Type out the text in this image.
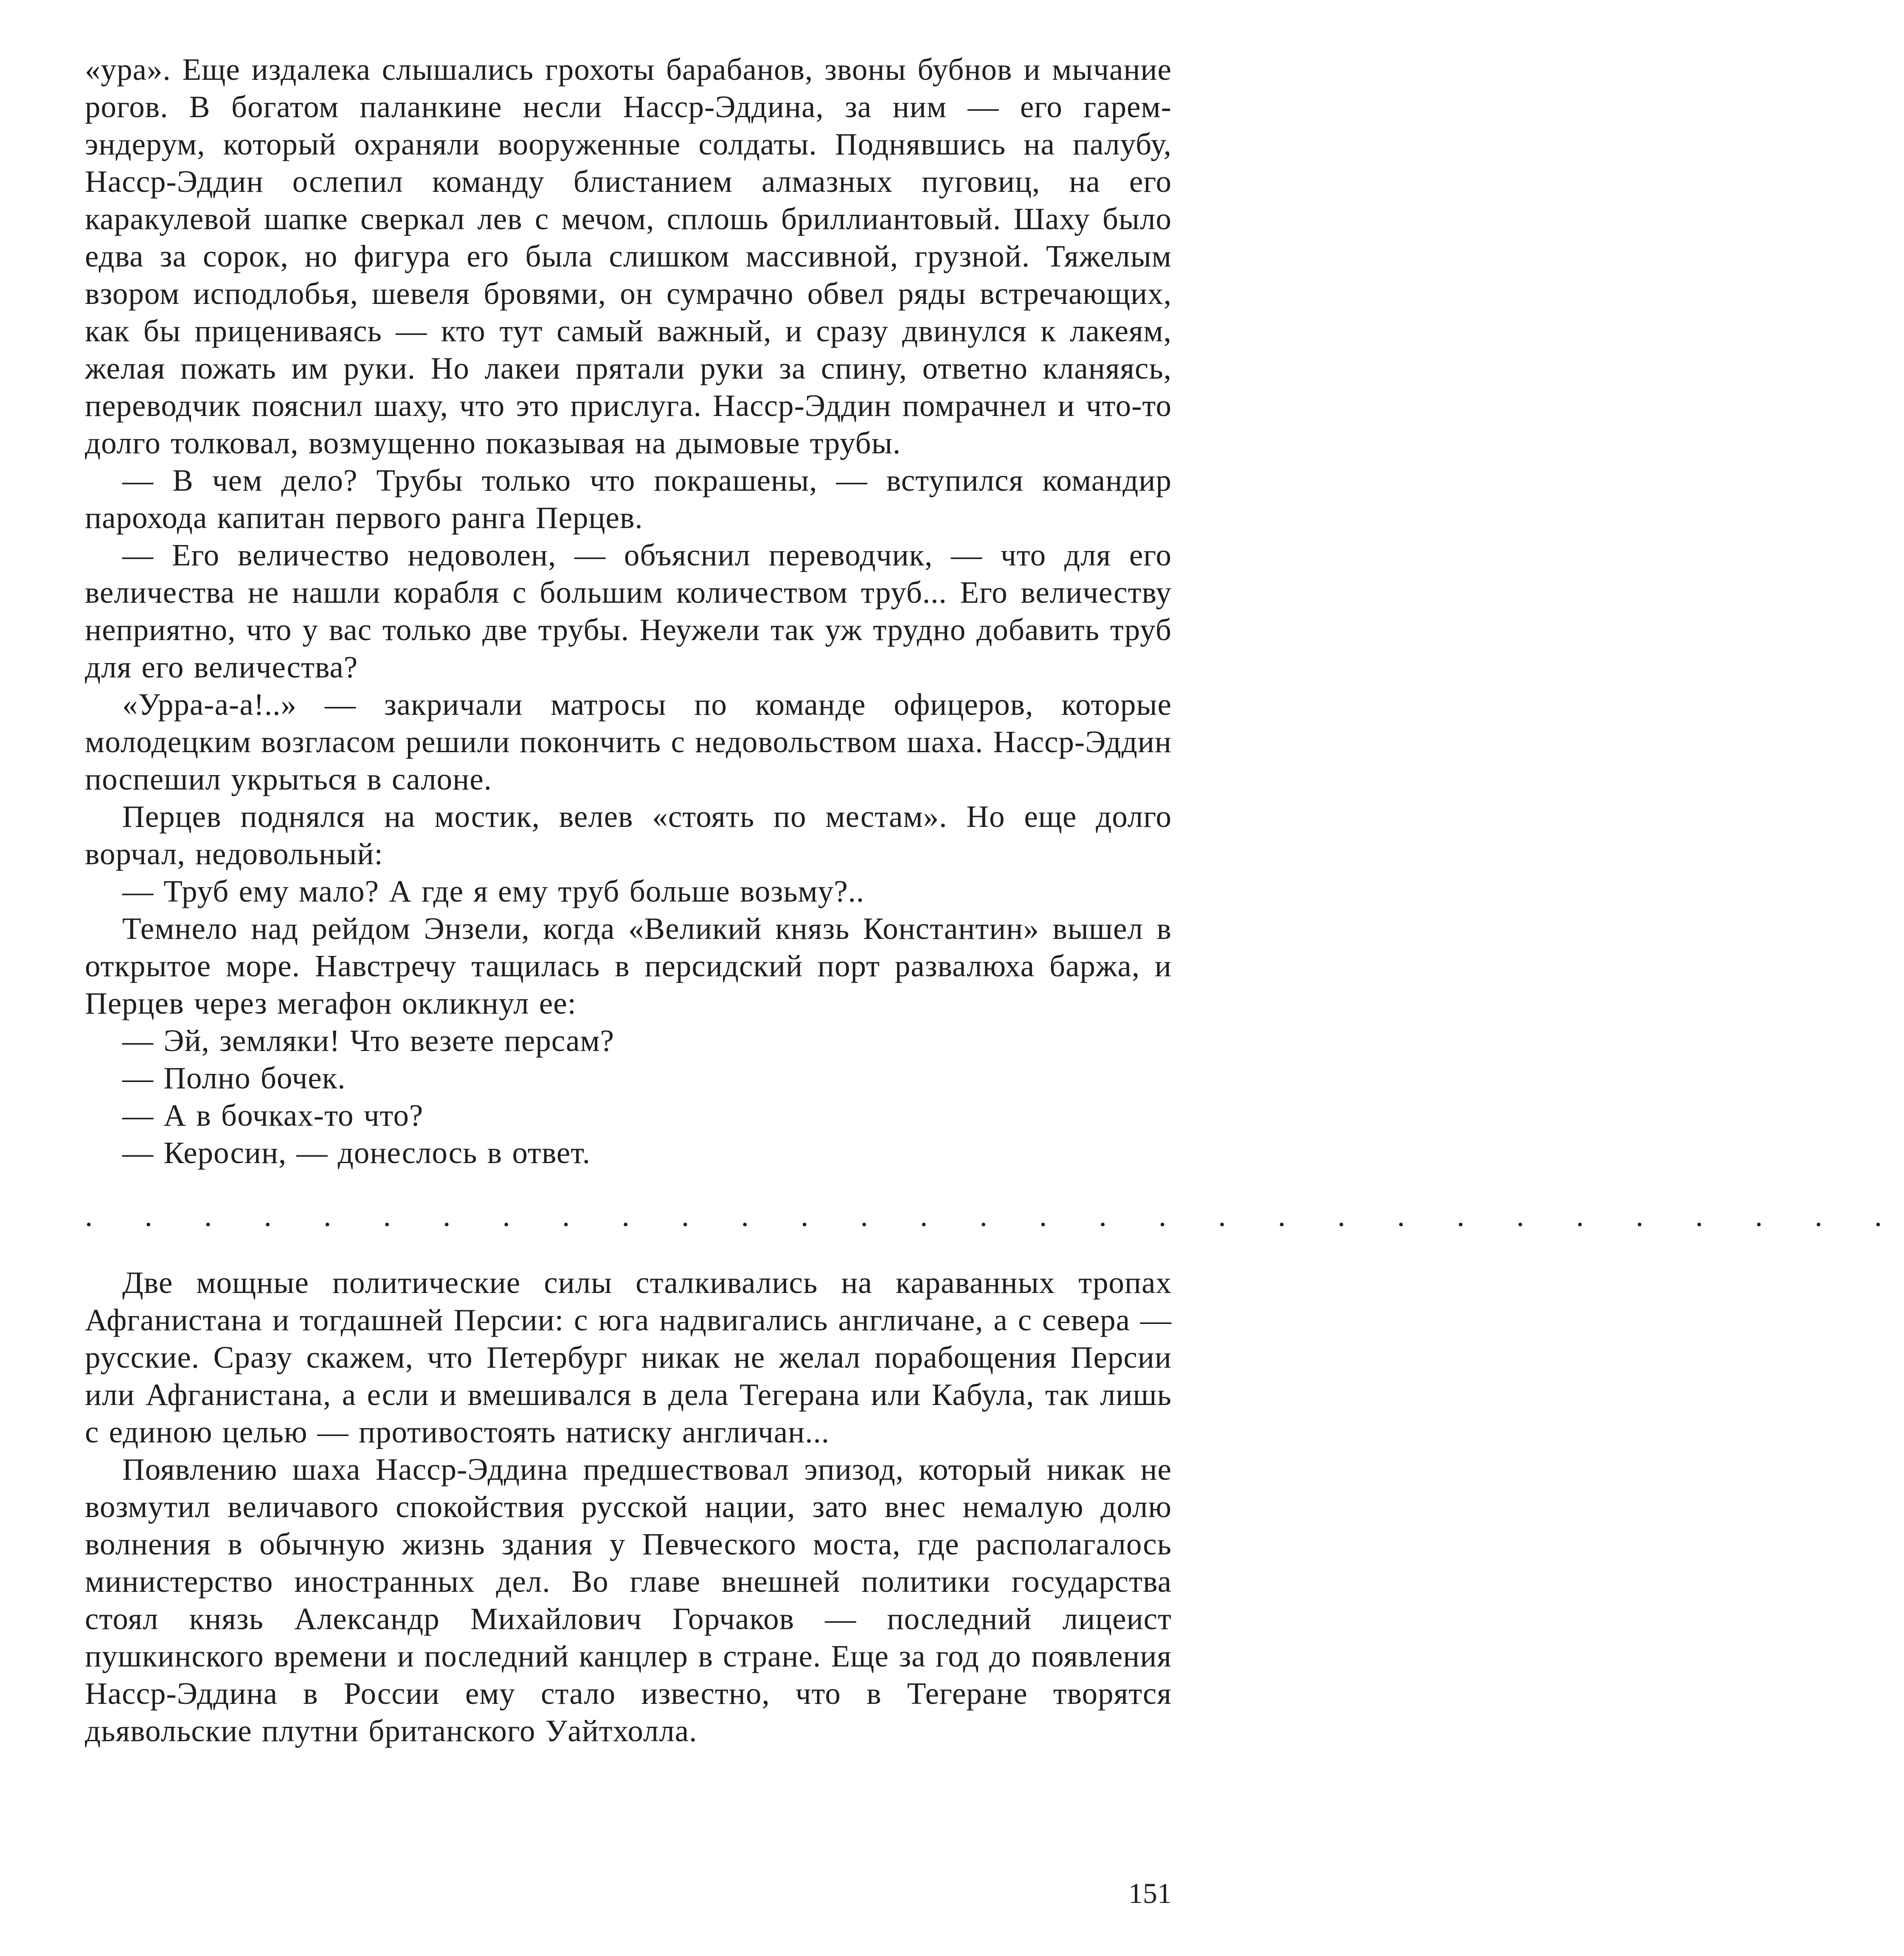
«ура». Еще издалека слышались грохоты барабанов, звоны бубнов и мычание рогов. В богатом паланкине несли Насср-Эддина, за ним — его гарем-эндерум, который охраняли вооруженные солдаты. Поднявшись на палубу, Насср-Эддин ослепил команду блистанием алмазных пуговиц, на его каракулевой шапке сверкал лев с мечом, сплошь бриллиантовый. Шаху было едва за сорок, но фигура его была слишком массивной, грузной. Тяжелым взором исподлобья, шевеля бровями, он сумрачно обвел ряды встречающих, как бы прицениваясь — кто тут самый важный, и сразу двинулся к лакеям, желая пожать им руки. Но лакеи прятали руки за спину, ответно кланяясь, переводчик пояснил шаху, что это прислуга. Насср-Эддин помрачнел и что-то долго толковал, возмущенно показывая на дымовые трубы.

— В чем дело? Трубы только что покрашены, — вступился командир парохода капитан первого ранга Перцев.

— Его величество недоволен, — объяснил переводчик, — что для его величества не нашли корабля с большим количеством труб... Его величеству неприятно, что у вас только две трубы. Неужели так уж трудно добавить труб для его величества?

«Урра-а-а!..» — закричали матросы по команде офицеров, которые молодецким возгласом решили покончить с недовольством шаха. Насср-Эддин поспешил укрыться в салоне.

Перцев поднялся на мостик, велев «стоять по местам». Но еще долго ворчал, недовольный:

— Труб ему мало? А где я ему труб больше возьму?..

Темнело над рейдом Энзели, когда «Великий князь Константин» вышел в открытое море. Навстречу тащилась в персидский порт развалюха баржа, и Перцев через мегафон окликнул ее:

— Эй, земляки! Что везете персам?

— Полно бочек.

— А в бочках-то что?

— Керосин, — донеслось в ответ.

. . . . . . . . . . . . . . . . . . . . . . . . . . . . . . .

Две мощные политические силы сталкивались на караванных тропах Афганистана и тогдашней Персии: с юга надвигались англичане, а с севера — русские. Сразу скажем, что Петербург никак не желал порабощения Персии или Афганистана, а если и вмешивался в дела Тегерана или Кабула, так лишь с единою целью — противостоять натиску англичан...

Появлению шаха Насср-Эддина предшествовал эпизод, который никак не возмутил величавого спокойствия русской нации, зато внес немалую долю волнения в обычную жизнь здания у Певческого моста, где располагалось министерство иностранных дел. Во главе внешней политики государства стоял князь Александр Михайлович Горчаков — последний лицеист пушкинского времени и последний канцлер в стране. Еще за год до появления Насср-Эддина в России ему стало известно, что в Тегеране творятся дьявольские плутни британского Уайтхолла.

151
